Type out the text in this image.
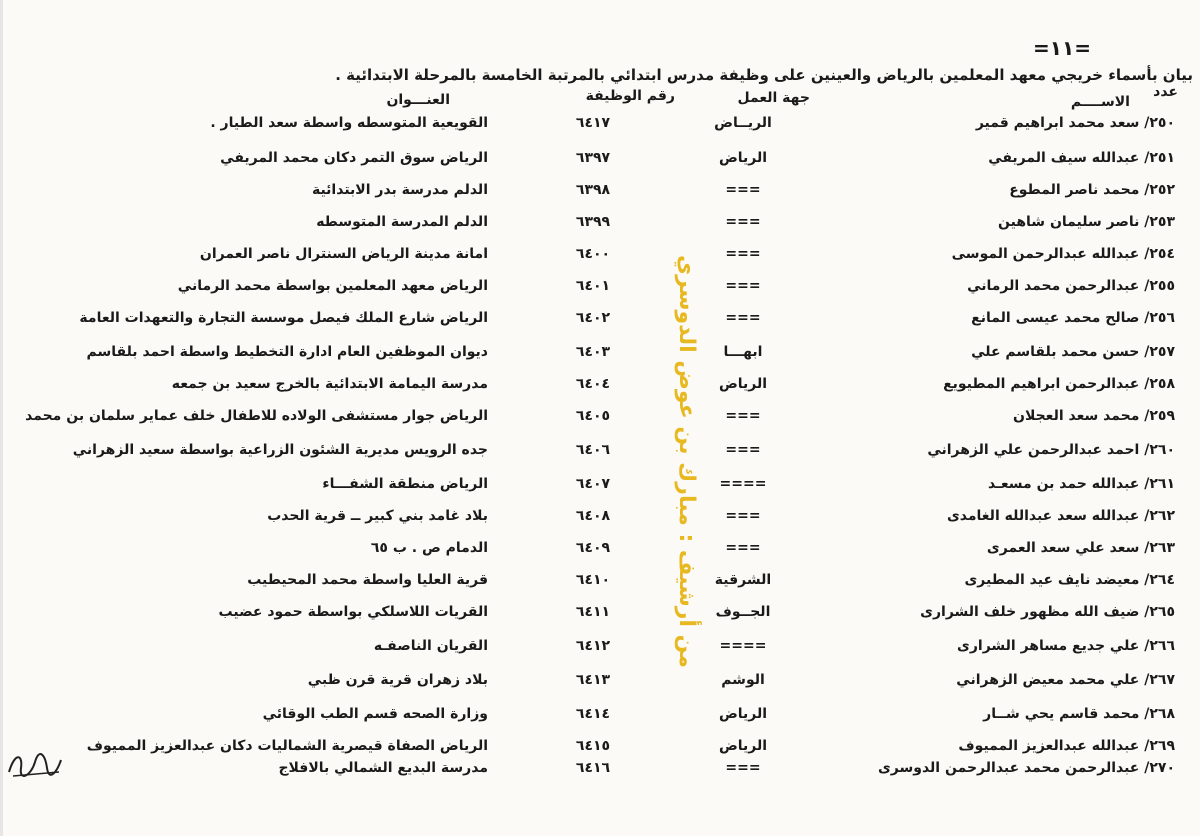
=١١=
بيان بأسماء خريجي معهد المعلمين بالرياض والعينين على وظيفة مدرس ابتدائي بالمرتبة الخامسة بالمرحلة الابتدائية .
عدد
الاســــم
جهة العمل
رقم الوظيفة
العنـــوان
٢٥٠/ سعد محمد ابراهيم قمير
الريــاض
٦٤١٧
القويعية المتوسطه واسطة سعد الطيار .
٢٥١/ عبدالله سيف المريفي
الرياض
٦٣٩٧
الرياض سوق التمر دكان محمد المريفي
٢٥٢/ محمد ناصر المطوع
===
٦٣٩٨
الدلم مدرسة بدر الابتدائية
٢٥٣/ ناصر سليمان شاهين
===
٦٣٩٩
الدلم المدرسة المتوسطه
٢٥٤/ عبدالله عبدالرحمن الموسى
===
٦٤٠٠
امانة مدينة الرياض السنترال ناصر العمران
٢٥٥/ عبدالرحمن محمد الرماني
===
٦٤٠١
الرياض معهد المعلمين بواسطة محمد الرماني
٢٥٦/ صالح محمد عيسى المانع
===
٦٤٠٢
الرياض شارع الملك فيصل موسسة التجارة والتعهدات العامة
٢٥٧/ حسن محمد بلقاسم علي
ابهـــا
٦٤٠٣
ديوان الموظفين العام ادارة التخطيط واسطة احمد بلقاسم
٢٥٨/ عبدالرحمن ابراهيم المطيويع
الرياض
٦٤٠٤
مدرسة اليمامة الابتدائية بالخرج سعيد بن جمعه
٢٥٩/ محمد سعد العجلان
===
٦٤٠٥
الرياض جوار مستشفى الولاده للاطفال خلف عماير سلمان بن محمد
٢٦٠/ احمد عبدالرحمن علي الزهراني
===
٦٤٠٦
جده الرويس مديرية الشئون الزراعية بواسطة سعيد الزهراني
٢٦١/ عبدالله حمد بن مسعـد
====
٦٤٠٧
الرياض منطقة الشفـــاء
٢٦٢/ عبدالله سعد عبدالله الغامدى
===
٦٤٠٨
بلاد غامد بني كبير ــ قرية الحدب
٢٦٣/ سعد علي سعد العمرى
===
٦٤٠٩
الدمام ص . ب ٦٥
٢٦٤/ معيضد نايف عيد المطيرى
الشرقية
٦٤١٠
قرية العليا واسطة محمد المحيطيب
٢٦٥/ ضيف الله مظهور خلف الشرارى
الجــوف
٦٤١١
القريات اللاسلكي بواسطة حمود عضيب
٢٦٦/ علي جديع مساهر الشرارى
====
٦٤١٢
القريان الناصفـه
٢٦٧/ علي محمد معيض الزهراني
الوشم
٦٤١٣
بلاد زهران قرية قرن ظبي
٢٦٨/ محمد قاسم يحي شــار
الرياض
٦٤١٤
وزارة الصحه قسم الطب الوقائي
٢٦٩/ عبدالله عبدالعزيز المميوف
الرياض
٦٤١٥
الرياض الصفاة قيصرية الشماليات دكان عبدالعزيز المميوف
٢٧٠/ عبدالرحمن محمد عبدالرحمن الدوسرى
===
٦٤١٦
مدرسة البديع الشمالي بالافلاج
من أرشيف : مبارك بن عوض الدوسري
